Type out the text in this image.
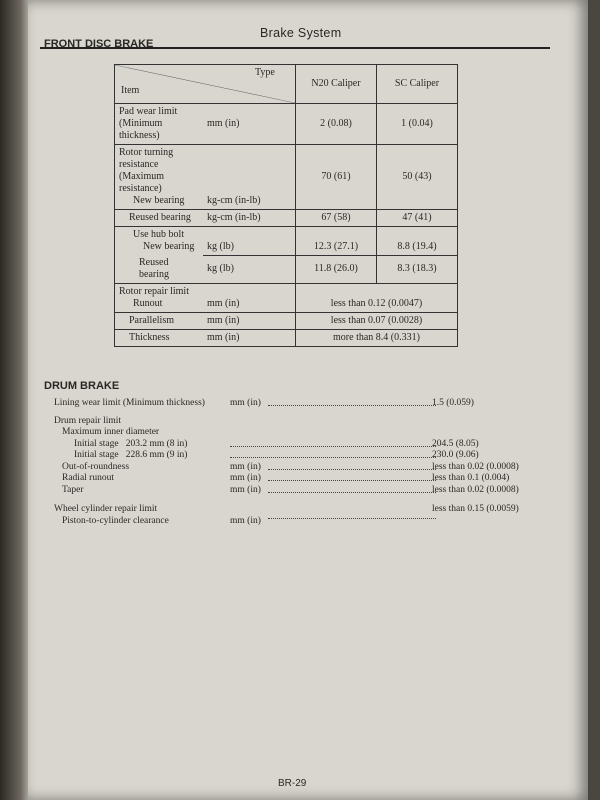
Brake System
FRONT DISC BRAKE
Item
Type		N20 Caliper	SC Caliper

Pad wear limit
(Minimum thickness)	mm (in)	2 (0.08)	1 (0.04)

Rotor turning resistance
(Maximum resistance)
New bearing	kg-cm (in-lb)	70 (61)	50 (43)
Reused bearing	kg-cm (in-lb)	67 (58)	47 (41)

Use hub bolt
New bearing	kg (lb)	12.3 (27.1)	8.8 (19.4)
Reused bearing	kg (lb)	11.8 (26.0)	8.3 (18.3)

Rotor repair limit
Runout	mm (in)	less than 0.12 (0.0047)	
Parallelism	mm (in)	less than 0.07 (0.0028)	
Thickness	mm (in)	more than 8.4 (0.331)	
DRUM BRAKE
Lining wear limit (Minimum thickness)	mm (in)	1.5 (0.059)
Drum repair limit
Maximum inner diameter
Initial stage   203.2 mm (8 in)	204.5 (8.05)
Initial stage   228.6 mm (9 in)	230.0 (9.06)
Out-of-roundness	mm (in)	less than 0.02 (0.0008)
Radial runout	mm (in)	less than 0.1 (0.004)
Taper	mm (in)	less than 0.02 (0.0008)
Wheel cylinder repair limit	less than 0.15 (0.0059)
Piston-to-cylinder clearance	mm (in)
BR-29
